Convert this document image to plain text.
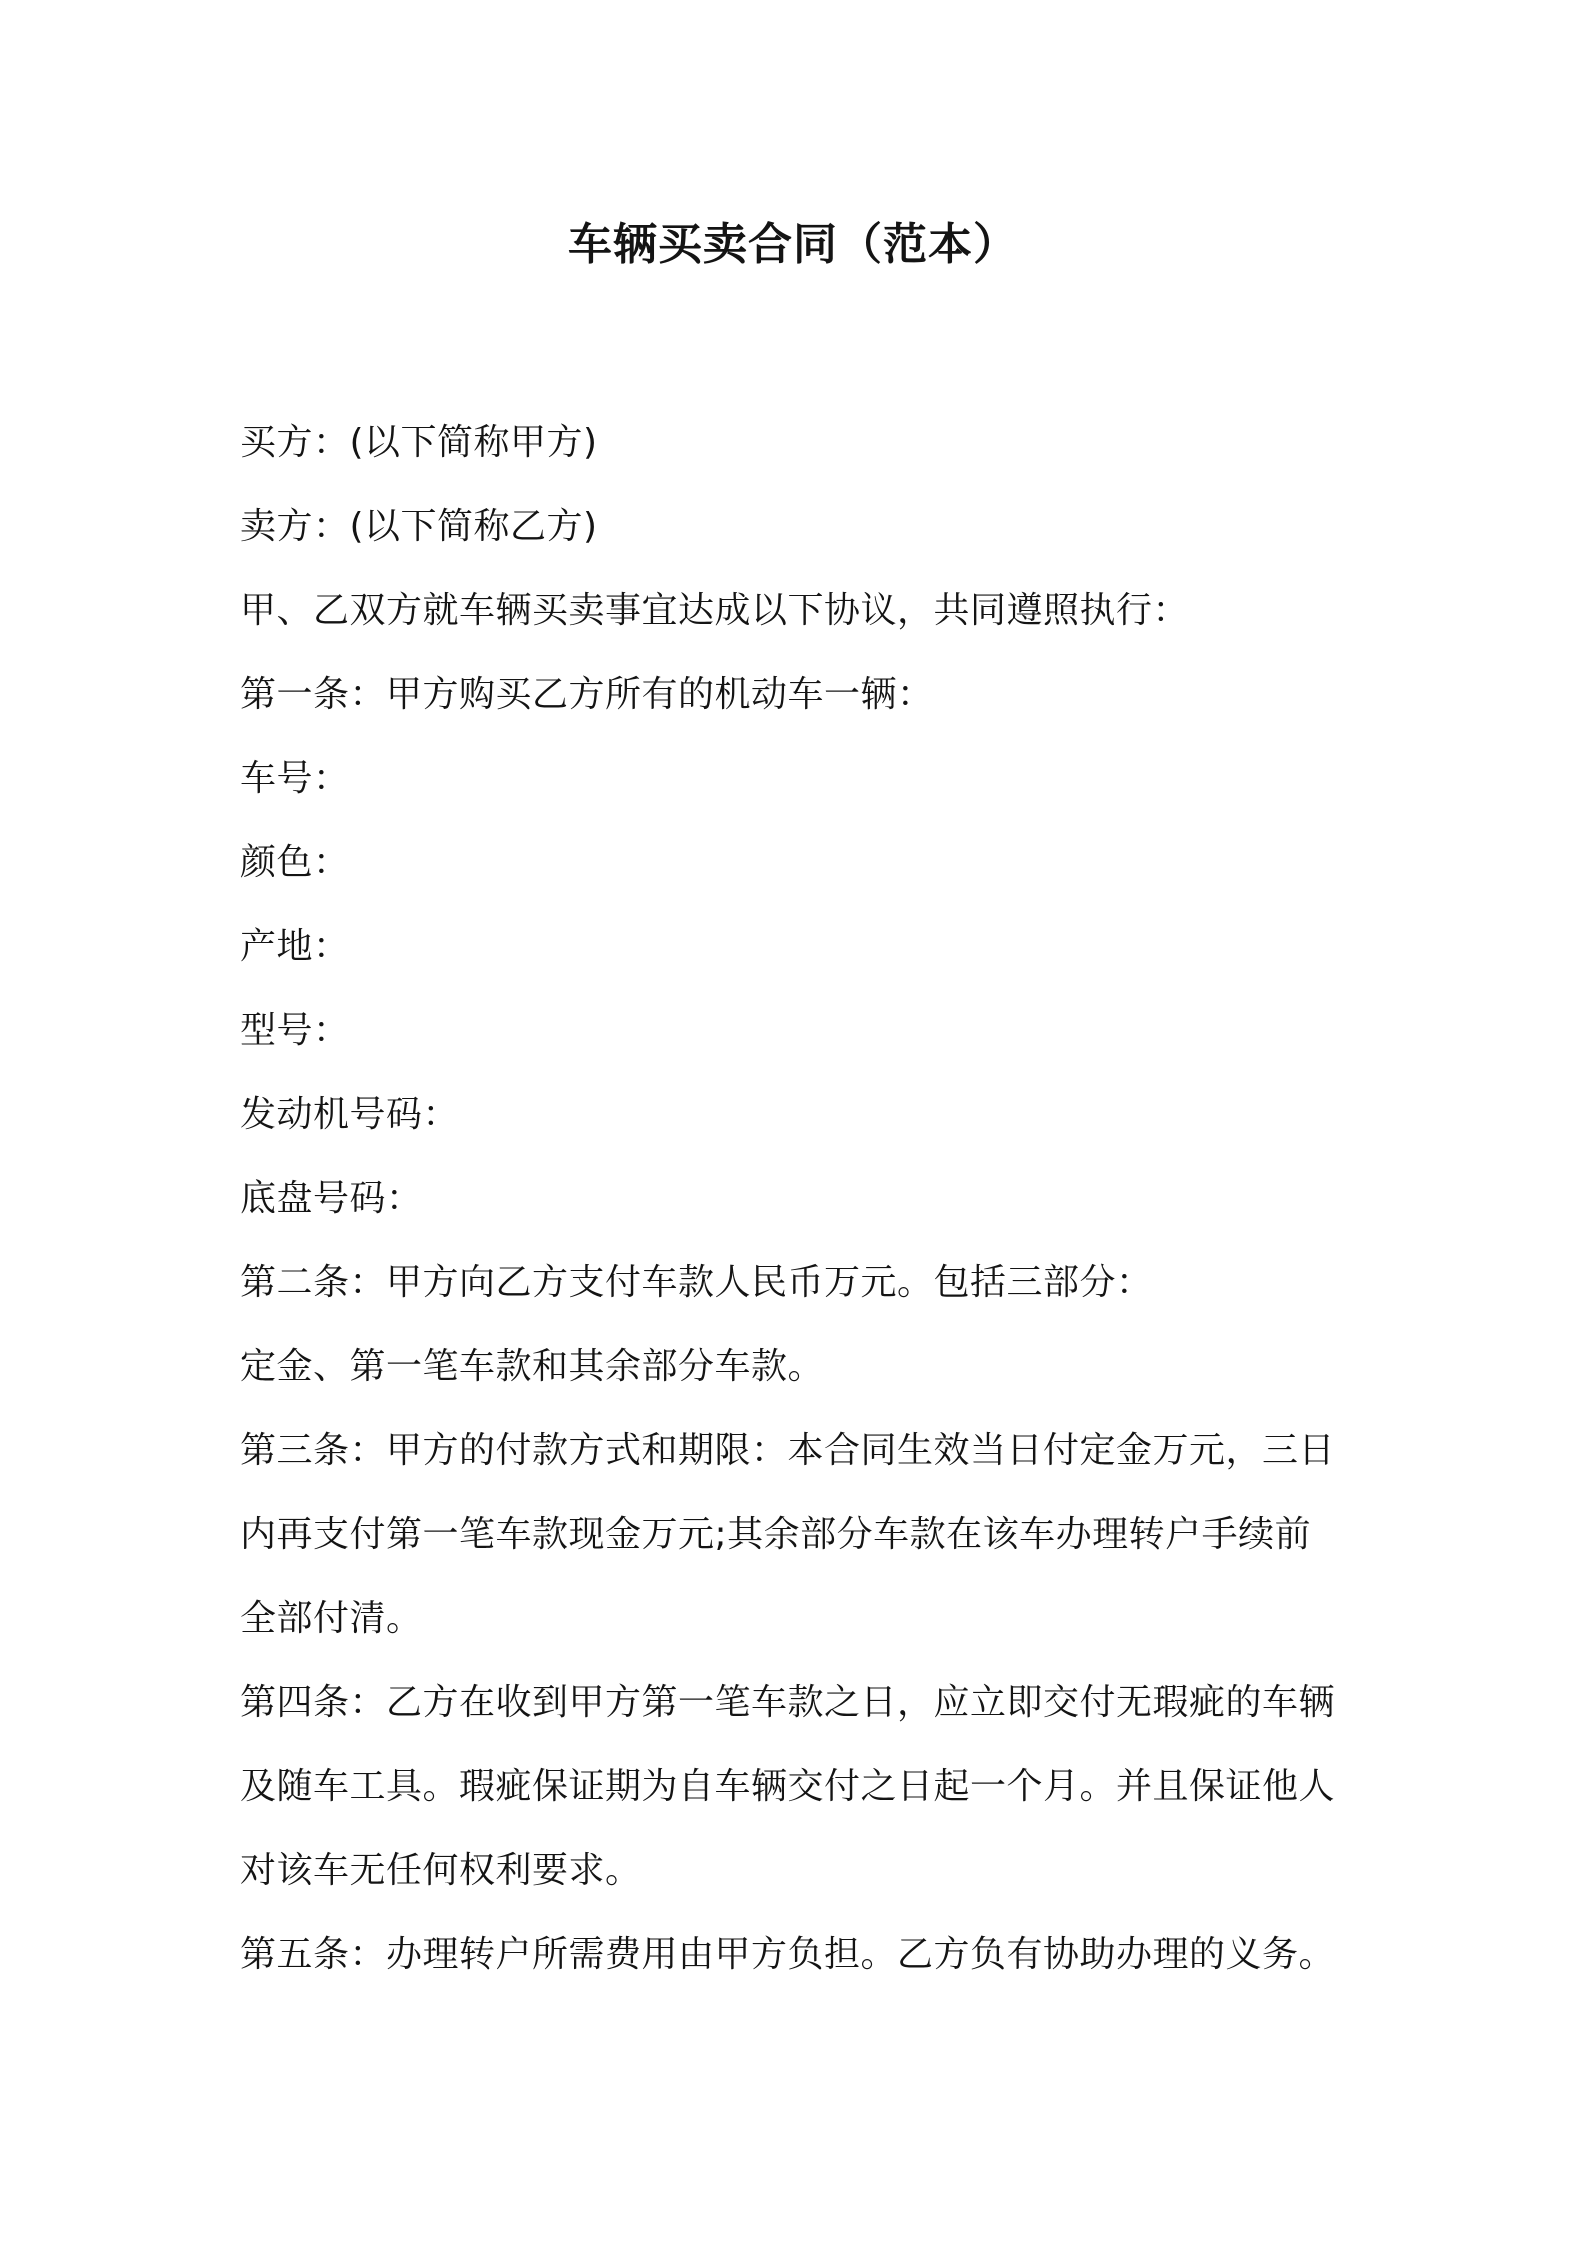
车辆买卖合同（范本）

买方：(以下简称甲方)

卖方：(以下简称乙方)

甲、乙双方就车辆买卖事宜达成以下协议，共同遵照执行：

第一条：甲方购买乙方所有的机动车一辆：

车号：

颜色：

产地：

型号：

发动机号码：

底盘号码：

第二条：甲方向乙方支付车款人民币万元。包括三部分：

定金、第一笔车款和其余部分车款。

第三条：甲方的付款方式和期限：本合同生效当日付定金万元，三日

内再支付第一笔车款现金万元;其余部分车款在该车办理转户手续前

全部付清。

第四条：乙方在收到甲方第一笔车款之日，应立即交付无瑕疵的车辆

及随车工具。瑕疵保证期为自车辆交付之日起一个月。并且保证他人

对该车无任何权利要求。

第五条：办理转户所需费用由甲方负担。乙方负有协助办理的义务。
